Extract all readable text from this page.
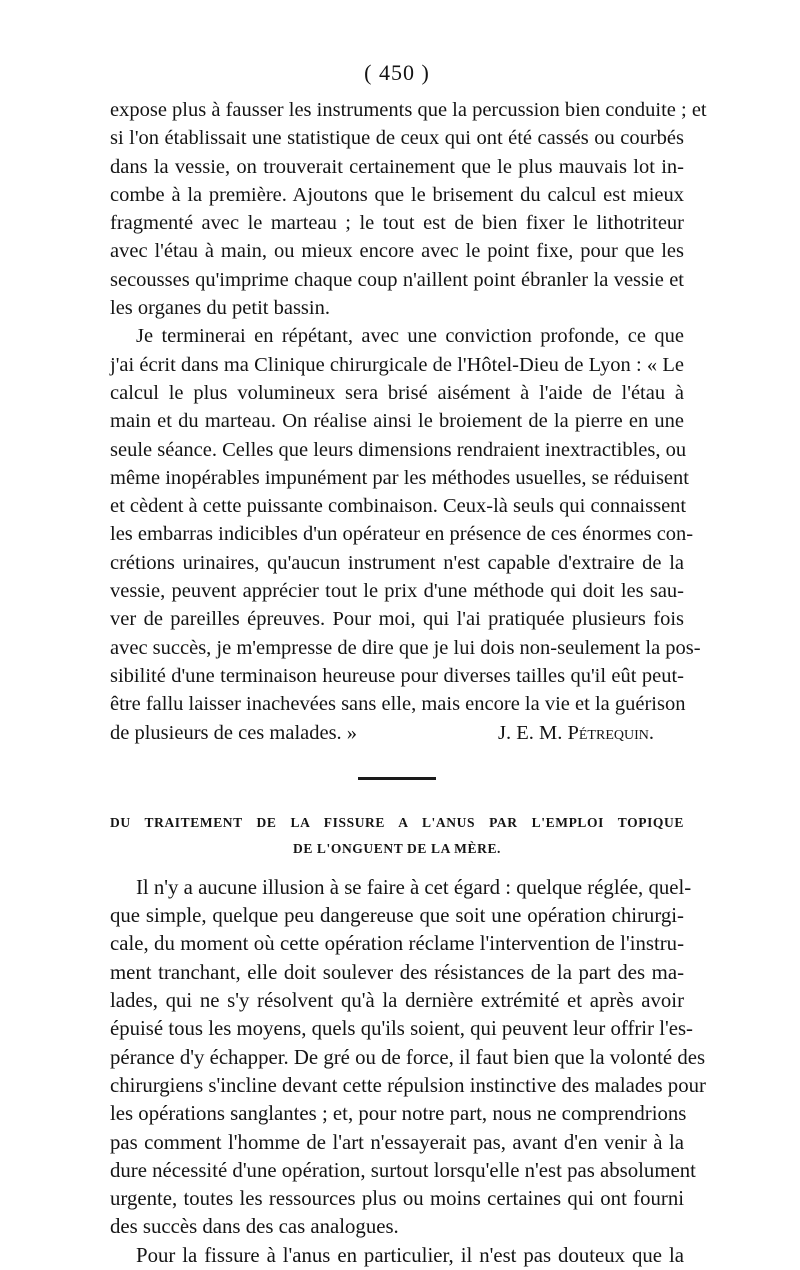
( 450 )
expose plus à fausser les instruments que la percussion bien conduite ; et
si l'on établissait une statistique de ceux qui ont été cassés ou courbés
dans la vessie, on trouverait certainement que le plus mauvais lot in-
combe à la première. Ajoutons que le brisement du calcul est mieux
fragmenté avec le marteau ; le tout est de bien fixer le lithotriteur
avec l'étau à main, ou mieux encore avec le point fixe, pour que les
secousses qu'imprime chaque coup n'aillent point ébranler la vessie et
les organes du petit bassin.
Je terminerai en répétant, avec une conviction profonde, ce que
j'ai écrit dans ma Clinique chirurgicale de l'Hôtel-Dieu de Lyon : « Le
calcul le plus volumineux sera brisé aisément à l'aide de l'étau à
main et du marteau. On réalise ainsi le broiement de la pierre en une
seule séance. Celles que leurs dimensions rendraient inextractibles, ou
même inopérables impunément par les méthodes usuelles, se réduisent
et cèdent à cette puissante combinaison. Ceux-là seuls qui connaissent
les embarras indicibles d'un opérateur en présence de ces énormes con-
crétions urinaires, qu'aucun instrument n'est capable d'extraire de la
vessie, peuvent apprécier tout le prix d'une méthode qui doit les sau-
ver de pareilles épreuves. Pour moi, qui l'ai pratiquée plusieurs fois
avec succès, je m'empresse de dire que je lui dois non-seulement la pos-
sibilité d'une terminaison heureuse pour diverses tailles qu'il eût peut-
être fallu laisser inachevées sans elle, mais encore la vie et la guérison
de plusieurs de ces malades. »	J. E. M. Pétrequin.
DU TRAITEMENT DE LA FISSURE A L'ANUS PAR L'EMPLOI TOPIQUE
DE L'ONGUENT DE LA MÈRE.
Il n'y a aucune illusion à se faire à cet égard : quelque réglée, quel-
que simple, quelque peu dangereuse que soit une opération chirurgi-
cale, du moment où cette opération réclame l'intervention de l'instru-
ment tranchant, elle doit soulever des résistances de la part des ma-
lades, qui ne s'y résolvent qu'à la dernière extrémité et après avoir
épuisé tous les moyens, quels qu'ils soient, qui peuvent leur offrir l'es-
pérance d'y échapper. De gré ou de force, il faut bien que la volonté des
chirurgiens s'incline devant cette répulsion instinctive des malades pour
les opérations sanglantes ; et, pour notre part, nous ne comprendrions
pas comment l'homme de l'art n'essayerait pas, avant d'en venir à la
dure nécessité d'une opération, surtout lorsqu'elle n'est pas absolument
urgente, toutes les ressources plus ou moins certaines qui ont fourni
des succès dans des cas analogues.
Pour la fissure à l'anus en particulier, il n'est pas douteux que la
